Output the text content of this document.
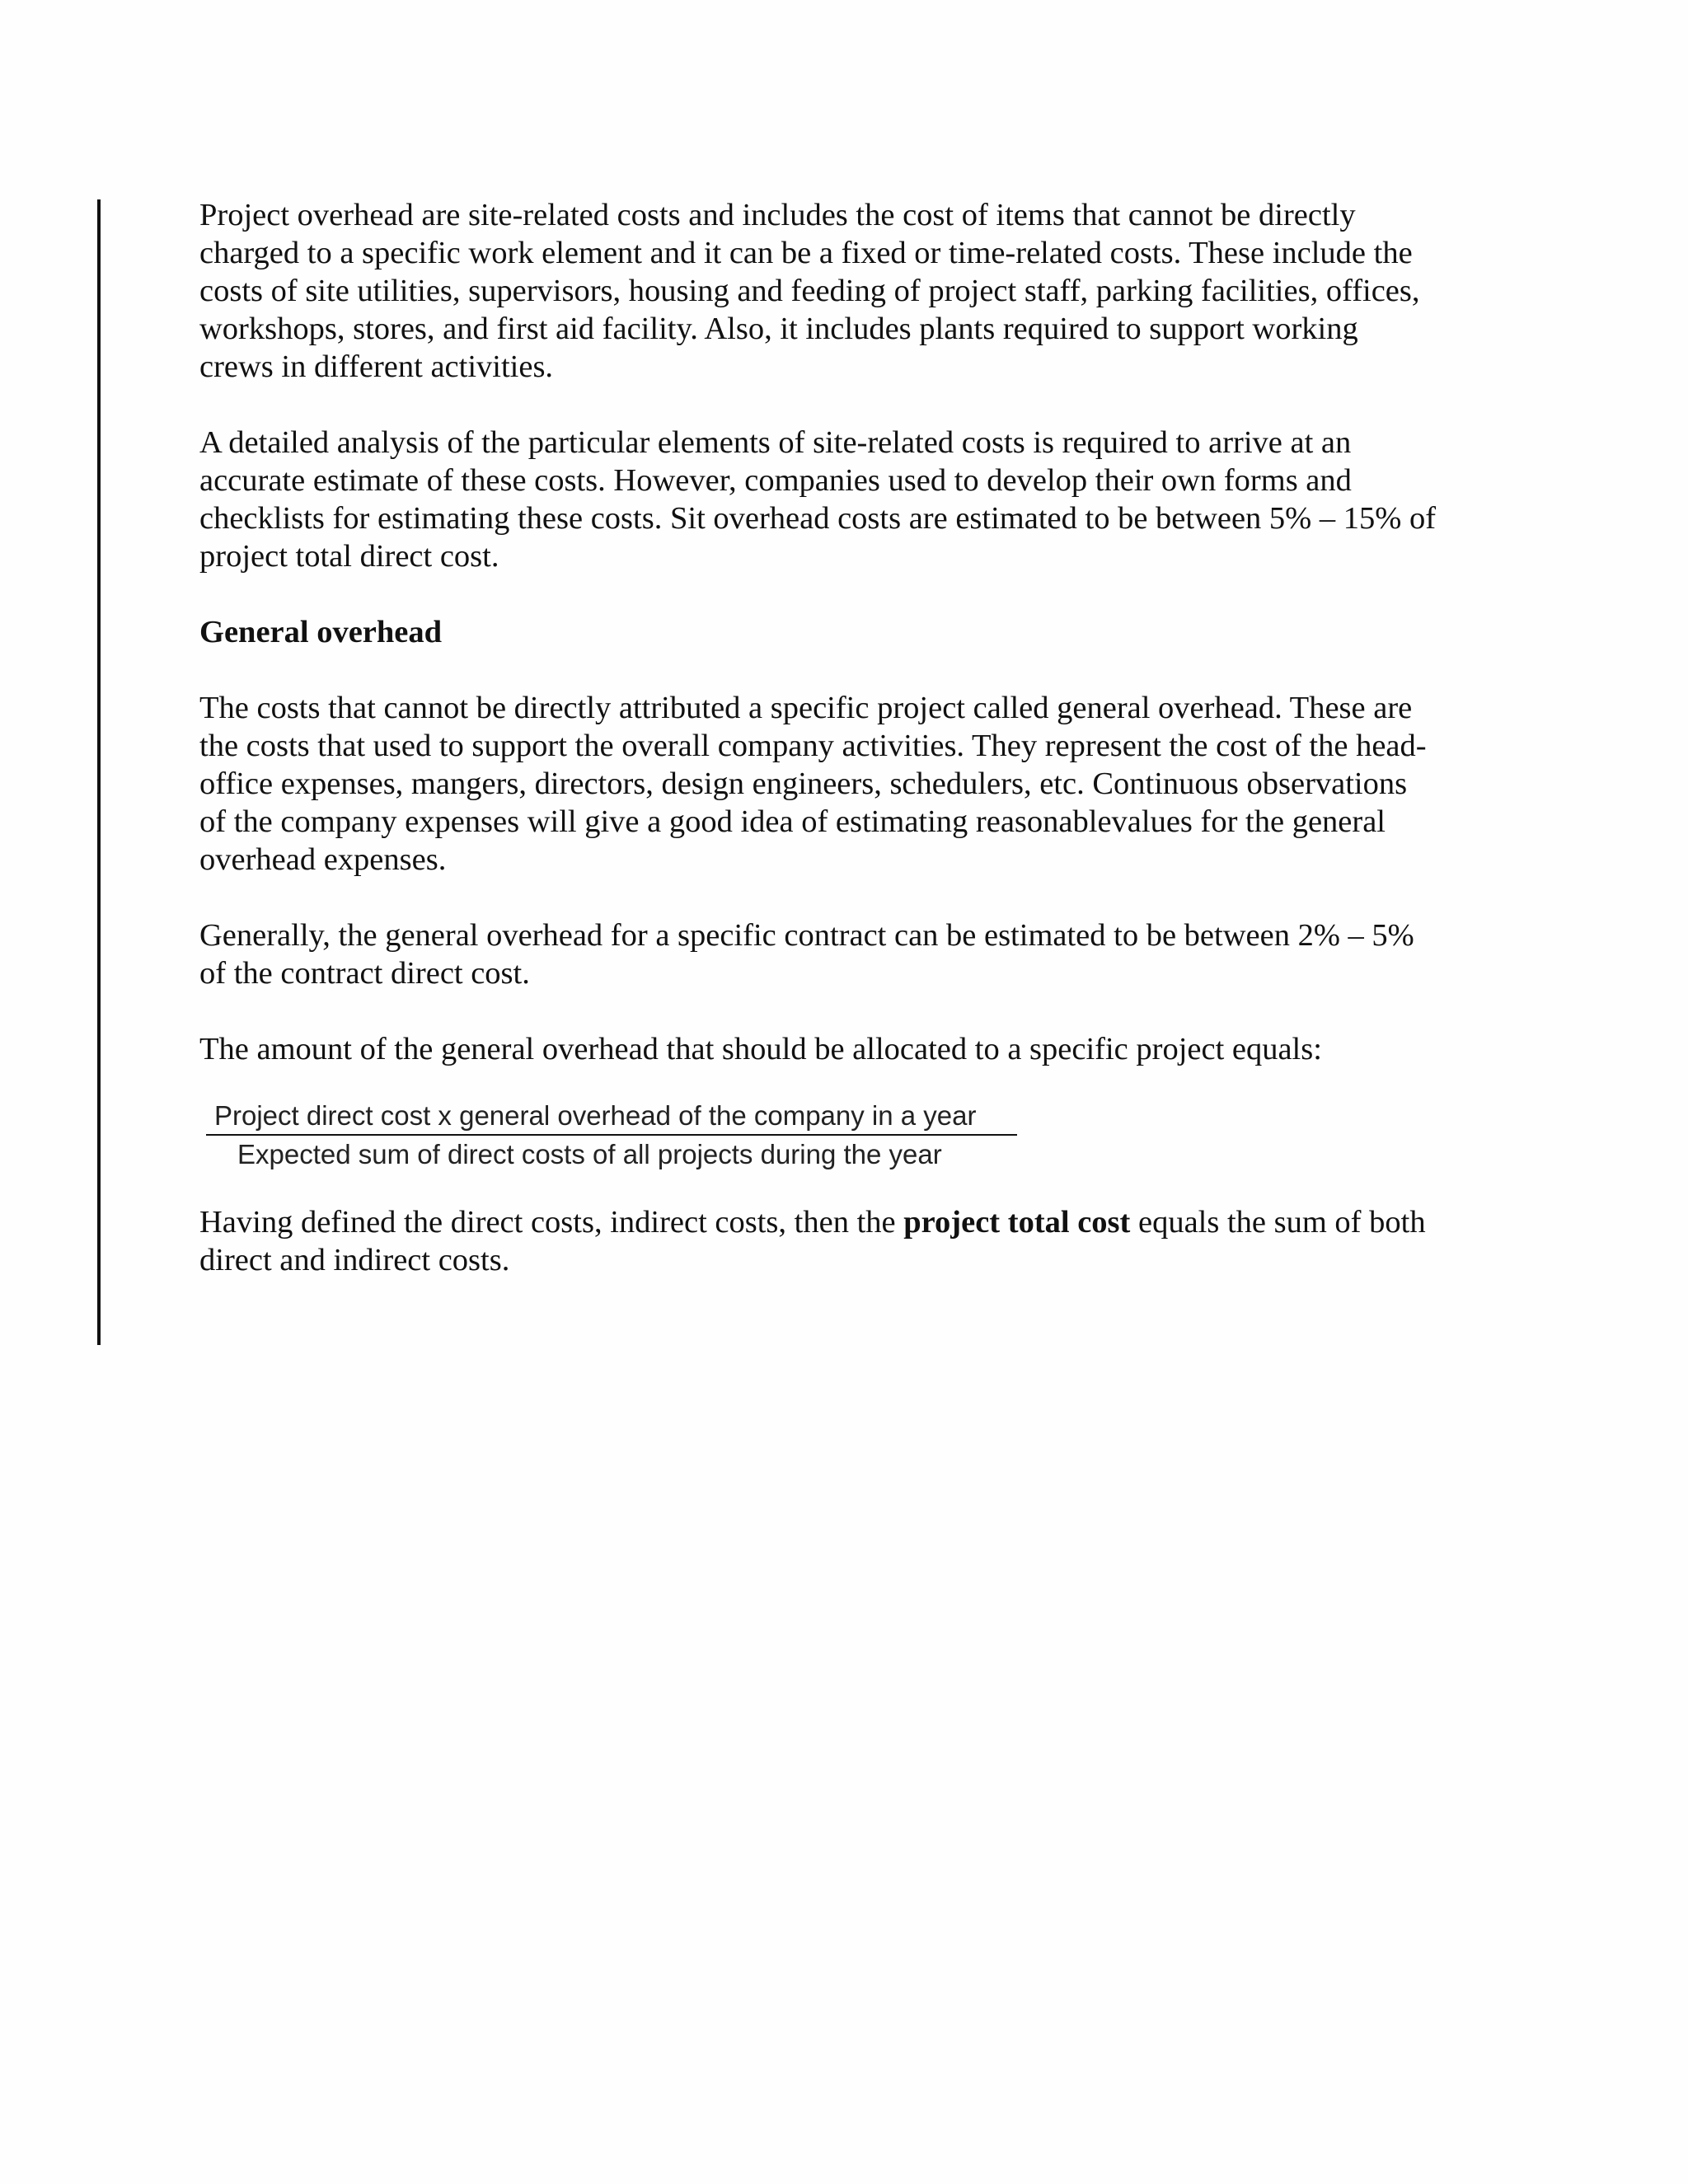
Project overhead are site-related costs and includes the cost of items that cannot be directly
charged to a specific work element and it can be a fixed or time-related costs. These include the
costs of site utilities, supervisors, housing and feeding of project staff, parking facilities, offices,
workshops, stores, and first aid facility. Also, it includes plants required to support working
crews in different activities.

A detailed analysis of the particular elements of site-related costs is required to arrive at an
accurate estimate of these costs. However, companies used to develop their own forms and
checklists for estimating these costs. Sit overhead costs are estimated to be between 5% – 15% of
project total direct cost.

General overhead

The costs that cannot be directly attributed a specific project called general overhead. These are
the costs that used to support the overall company activities. They represent the cost of the head-
office expenses, mangers, directors, design engineers, schedulers, etc. Continuous observations
of the company expenses will give a good idea of estimating reasonablevalues for the general
overhead expenses.

Generally, the general overhead for a specific contract can be estimated to be between 2% – 5%
of the contract direct cost.

The amount of the general overhead that should be allocated to a specific project equals:

Project direct cost x general overhead of the company in a year
Expected sum of direct costs of all projects during the year

Having defined the direct costs, indirect costs, then the project total cost equals the sum of both
direct and indirect costs.
